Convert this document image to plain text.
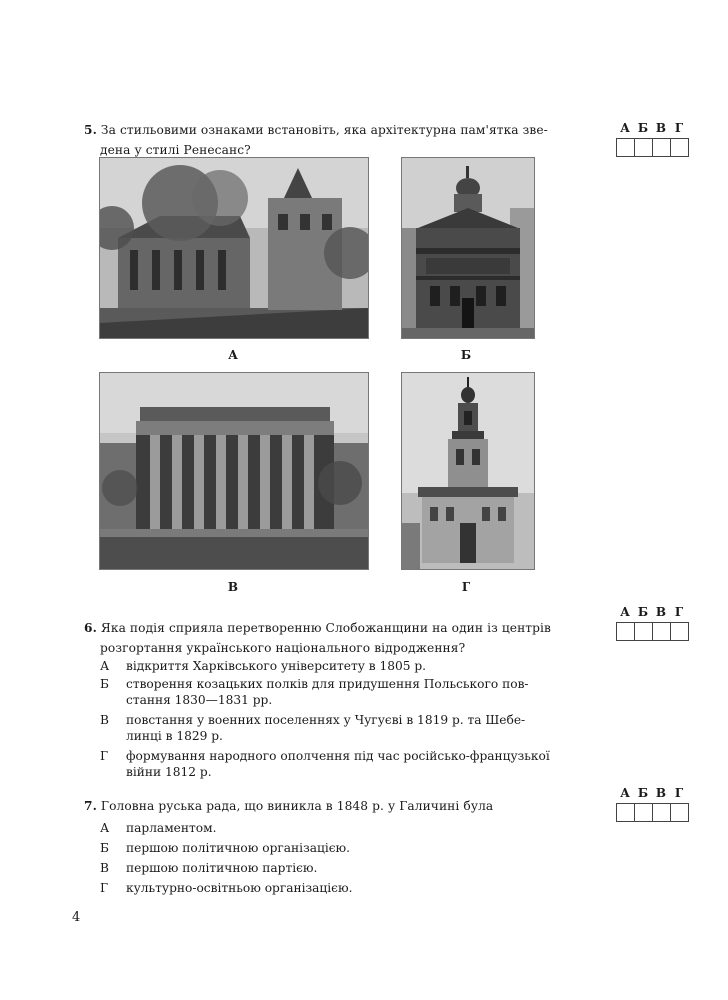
5. За стильовими ознаками встановіть, яка архітектурна пам'ятка зве-
дена у стилі Ренесанс?
А Б В Г
А	Б
В	Г
6. Яка подія сприяла перетворенню Слобожанщини на один із центрів
розгортання українського національного відродження?
А Б В Г
А відкриття Харківського університету в 1805 р.
Б створення козацьких полків для придушення Польського пов-
стання 1830—1831 рр.
В повстання у военних поселеннях у Чугуєві в 1819 р. та Шебе-
линці в 1829 р.
Г формування народного ополчення під час російсько-французької
війни 1812 р.
7. Головна руська рада, що виникла в 1848 р. у Галичині була
А Б В Г
А парламентом.
Б першою політичною організацією.
В першою політичною партією.
Г культурно-освітньою організацією.
4
